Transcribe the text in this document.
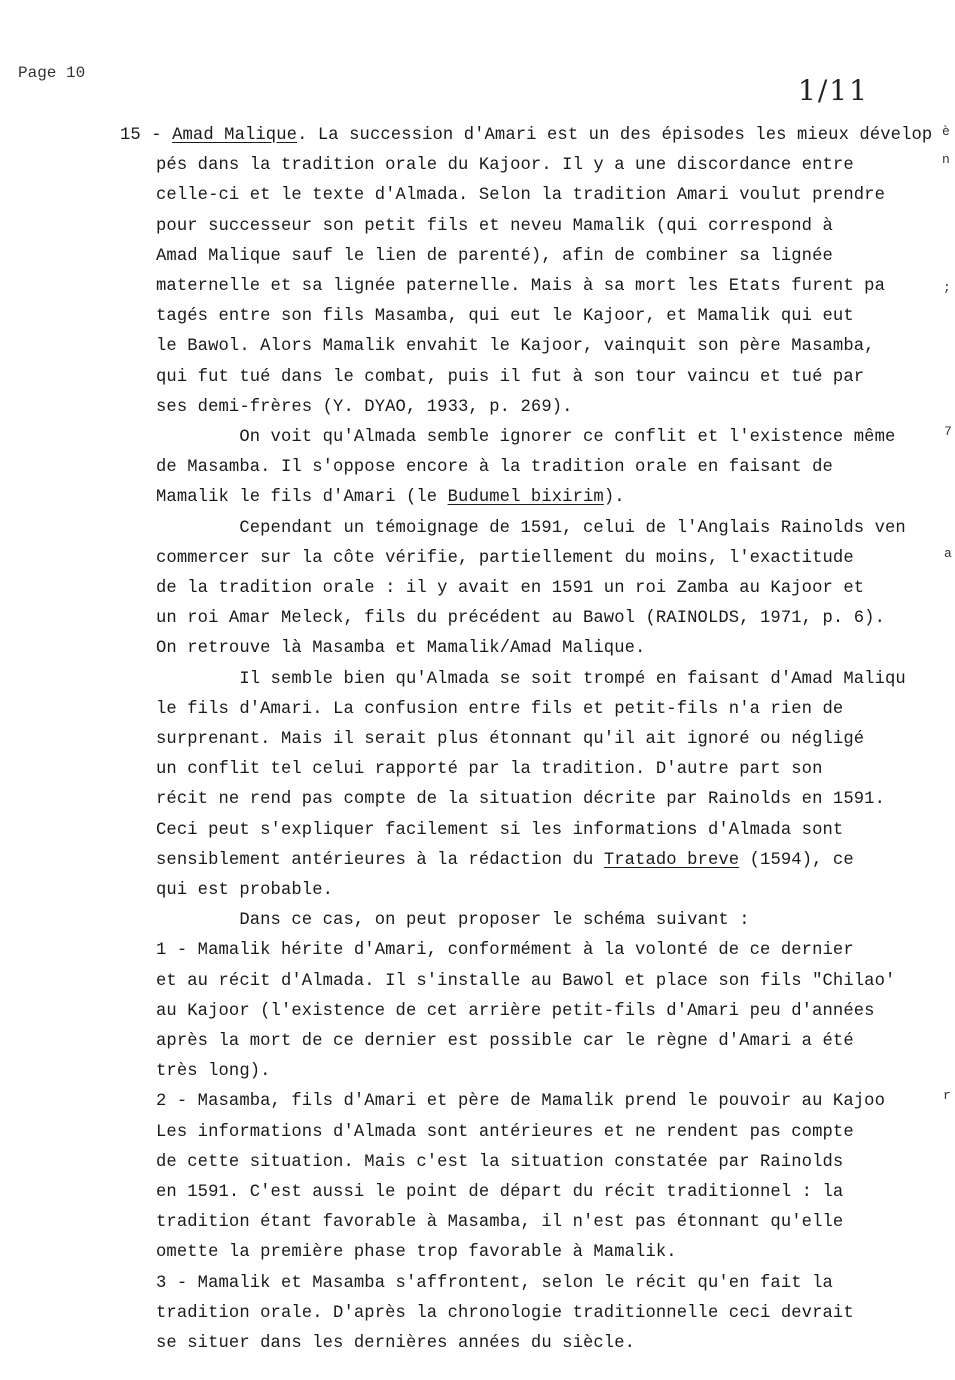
Page 10
1/11
15 - Amad Malique. La succession d'Amari est un des épisodes les mieux dévelop
pés dans la tradition orale du Kajoor. Il y a une discordance entre
celle-ci et le texte d'Almada. Selon la tradition Amari voulut prendre
pour successeur son petit fils et neveu Mamalik (qui correspond à
Amad Malique sauf le lien de parenté), afin de combiner sa lignée
maternelle et sa lignée paternelle. Mais à sa mort les Etats furent pa
tagés entre son fils Masamba, qui eut le Kajoor, et Mamalik qui eut
le Bawol. Alors Mamalik envahit le Kajoor, vainquit son père Masamba,
qui fut tué dans le combat, puis il fut à son tour vaincu et tué par
ses demi-frères (Y. DYAO, 1933, p. 269).
On voit qu'Almada semble ignorer ce conflit et l'existence même
de Masamba. Il s'oppose encore à la tradition orale en faisant de
Mamalik le fils d'Amari (le Budumel bixirim).
Cependant un témoignage de 1591, celui de l'Anglais Rainolds ven
commercer sur la côte vérifie, partiellement du moins, l'exactitude
de la tradition orale : il y avait en 1591 un roi Zamba au Kajoor et
un roi Amar Meleck, fils du précédent au Bawol (RAINOLDS, 1971, p. 6).
On retrouve là Masamba et Mamalik/Amad Malique.
Il semble bien qu'Almada se soit trompé en faisant d'Amad Maliqu
le fils d'Amari. La confusion entre fils et petit-fils n'a rien de
surprenant. Mais il serait plus étonnant qu'il ait ignoré ou négligé
un conflit tel celui rapporté par la tradition. D'autre part son
récit ne rend pas compte de la situation décrite par Rainolds en 1591.
Ceci peut s'expliquer facilement si les informations d'Almada sont
sensiblement antérieures à la rédaction du Tratado breve (1594), ce
qui est probable.
Dans ce cas, on peut proposer le schéma suivant :
1 - Mamalik hérite d'Amari, conformément à la volonté de ce dernier
et au récit d'Almada. Il s'installe au Bawol et place son fils "Chilao'
au Kajoor (l'existence de cet arrière petit-fils d'Amari peu d'années
après la mort de ce dernier est possible car le règne d'Amari a été
très long).
2 - Masamba, fils d'Amari et père de Mamalik prend le pouvoir au Kajoo
Les informations d'Almada sont antérieures et ne rendent pas compte
de cette situation. Mais c'est la situation constatée par Rainolds
en 1591. C'est aussi le point de départ du récit traditionnel : la
tradition étant favorable à Masamba, il n'est pas étonnant qu'elle
omette la première phase trop favorable à Mamalik.
3 - Mamalik et Masamba s'affrontent, selon le récit qu'en fait la
tradition orale. D'après la chronologie traditionnelle ceci devrait
se situer dans les dernières années du siècle.
è
n
;
7
a
r
